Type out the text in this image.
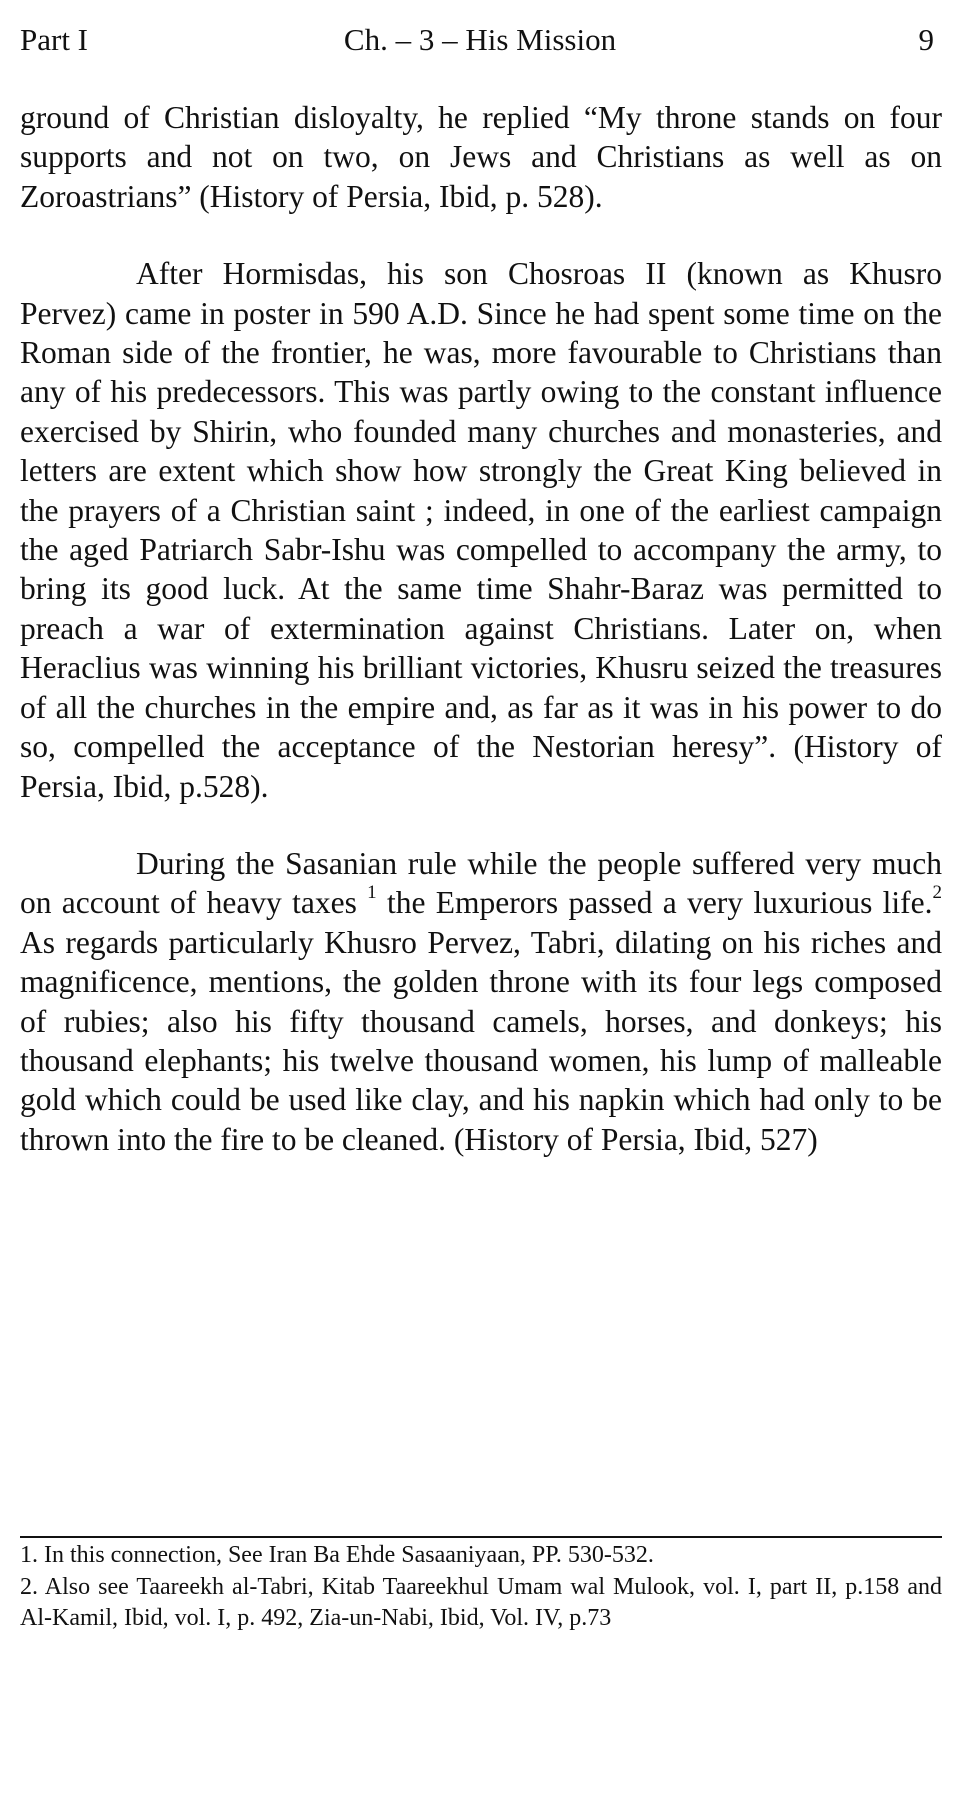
Part I	Ch. – 3 – His Mission	9

ground of Christian disloyalty, he replied “My throne stands on four supports and not on two, on Jews and Christians as well as on Zoroastrians” (History of Persia, Ibid, p. 528).

After Hormisdas, his son Chosroas II (known as Khusro Pervez) came in poster in 590 A.D. Since he had spent some time on the Roman side of the frontier, he was, more favourable to Christians than any of his predecessors. This was partly owing to the constant influence exercised by Shirin, who founded many churches and monasteries, and letters are extent which show how strongly the Great King believed in the prayers of a Christian saint ; indeed, in one of the earliest campaign the aged Patriarch Sabr-Ishu was compelled to accompany the army, to bring its good luck. At the same time Shahr-Baraz was permitted to preach a war of extermination against Christians. Later on, when Heraclius was winning his brilliant victories, Khusru seized the treasures of all the churches in the empire and, as far as it was in his power to do so, compelled the acceptance of the Nestorian heresy”. (History of Persia, Ibid, p.528).

During the Sasanian rule while the people suffered very much on account of heavy taxes $^1$ the Emperors passed a very luxurious life.$^2$ As regards particularly Khusro Pervez, Tabri, dilating on his riches and magnificence, mentions, the golden throne with its four legs composed of rubies; also his fifty thousand camels, horses, and donkeys; his thousand elephants; his twelve thousand women, his lump of malleable gold which could be used like clay, and his napkin which had only to be thrown into the fire to be cleaned. (History of Persia, Ibid, 527)

1. In this connection, See Iran Ba Ehde Sasaaniyaan, PP. 530-532.

2. Also see Taareekh al-Tabri, Kitab Taareekhul Umam wal Mulook, vol. I, part II, p.158 and Al-Kamil, Ibid, vol. I, p. 492, Zia-un-Nabi, Ibid, Vol. IV, p.73
